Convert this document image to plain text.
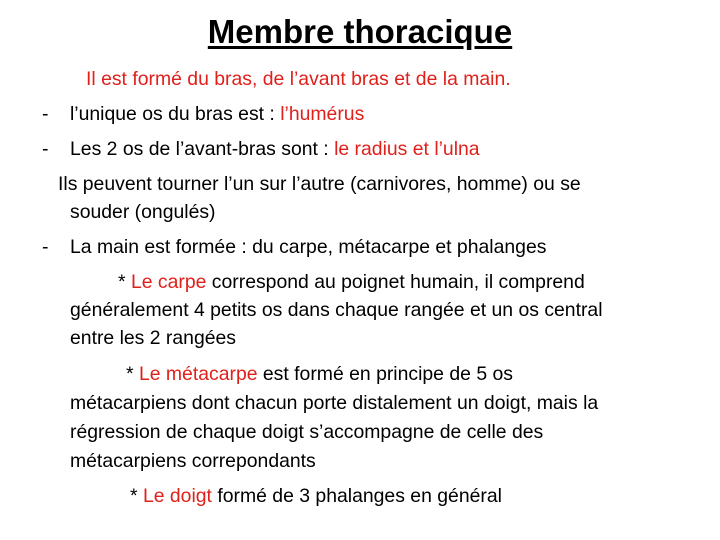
Membre thoracique

Il est formé du bras, de l’avant bras et de la main.

- l’unique os du bras est : l’humérus

- Les 2 os de l’avant-bras sont : le radius et l’ulna

Ils peuvent tourner l’un sur l’autre (carnivores, homme) ou se

souder (ongulés)

- La main est formée : du carpe, métacarpe et phalanges

* Le carpe correspond au poignet humain, il comprend

généralement 4 petits os dans chaque rangée et un os central

entre les 2 rangées

* Le métacarpe est formé en principe de 5 os

métacarpiens dont chacun porte distalement un doigt, mais la

régression de chaque doigt s’accompagne de celle des

métacarpiens correpondants

* Le doigt formé de 3 phalanges en général
